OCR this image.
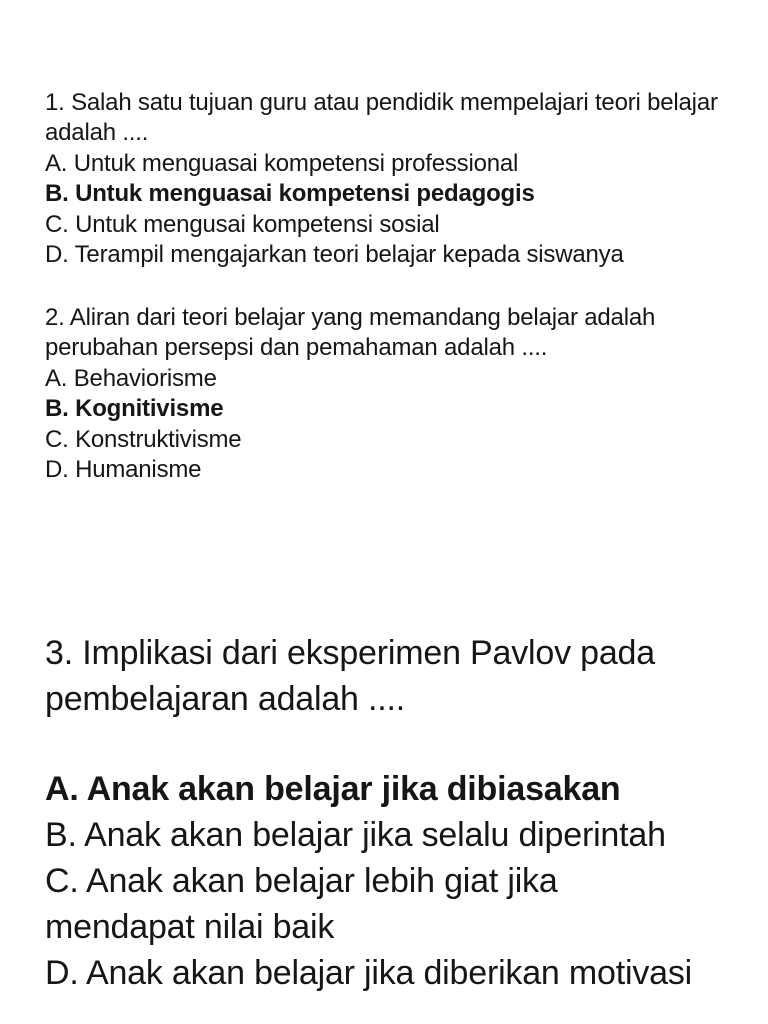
1. Salah satu tujuan guru atau pendidik mempelajari teori belajar
adalah ....
A. Untuk menguasai kompetensi professional
B. Untuk menguasai kompetensi pedagogis
C. Untuk mengusai kompetensi sosial
D. Terampil mengajarkan teori belajar kepada siswanya
2. Aliran dari teori belajar yang memandang belajar adalah
perubahan persepsi dan pemahaman adalah ....
A. Behaviorisme
B. Kognitivisme
C. Konstruktivisme
D. Humanisme
3. Implikasi dari eksperimen Pavlov pada
pembelajaran adalah ....
A. Anak akan belajar jika dibiasakan
B. Anak akan belajar jika selalu diperintah
C. Anak akan belajar lebih giat jika
mendapat nilai baik
D. Anak akan belajar jika diberikan motivasi
